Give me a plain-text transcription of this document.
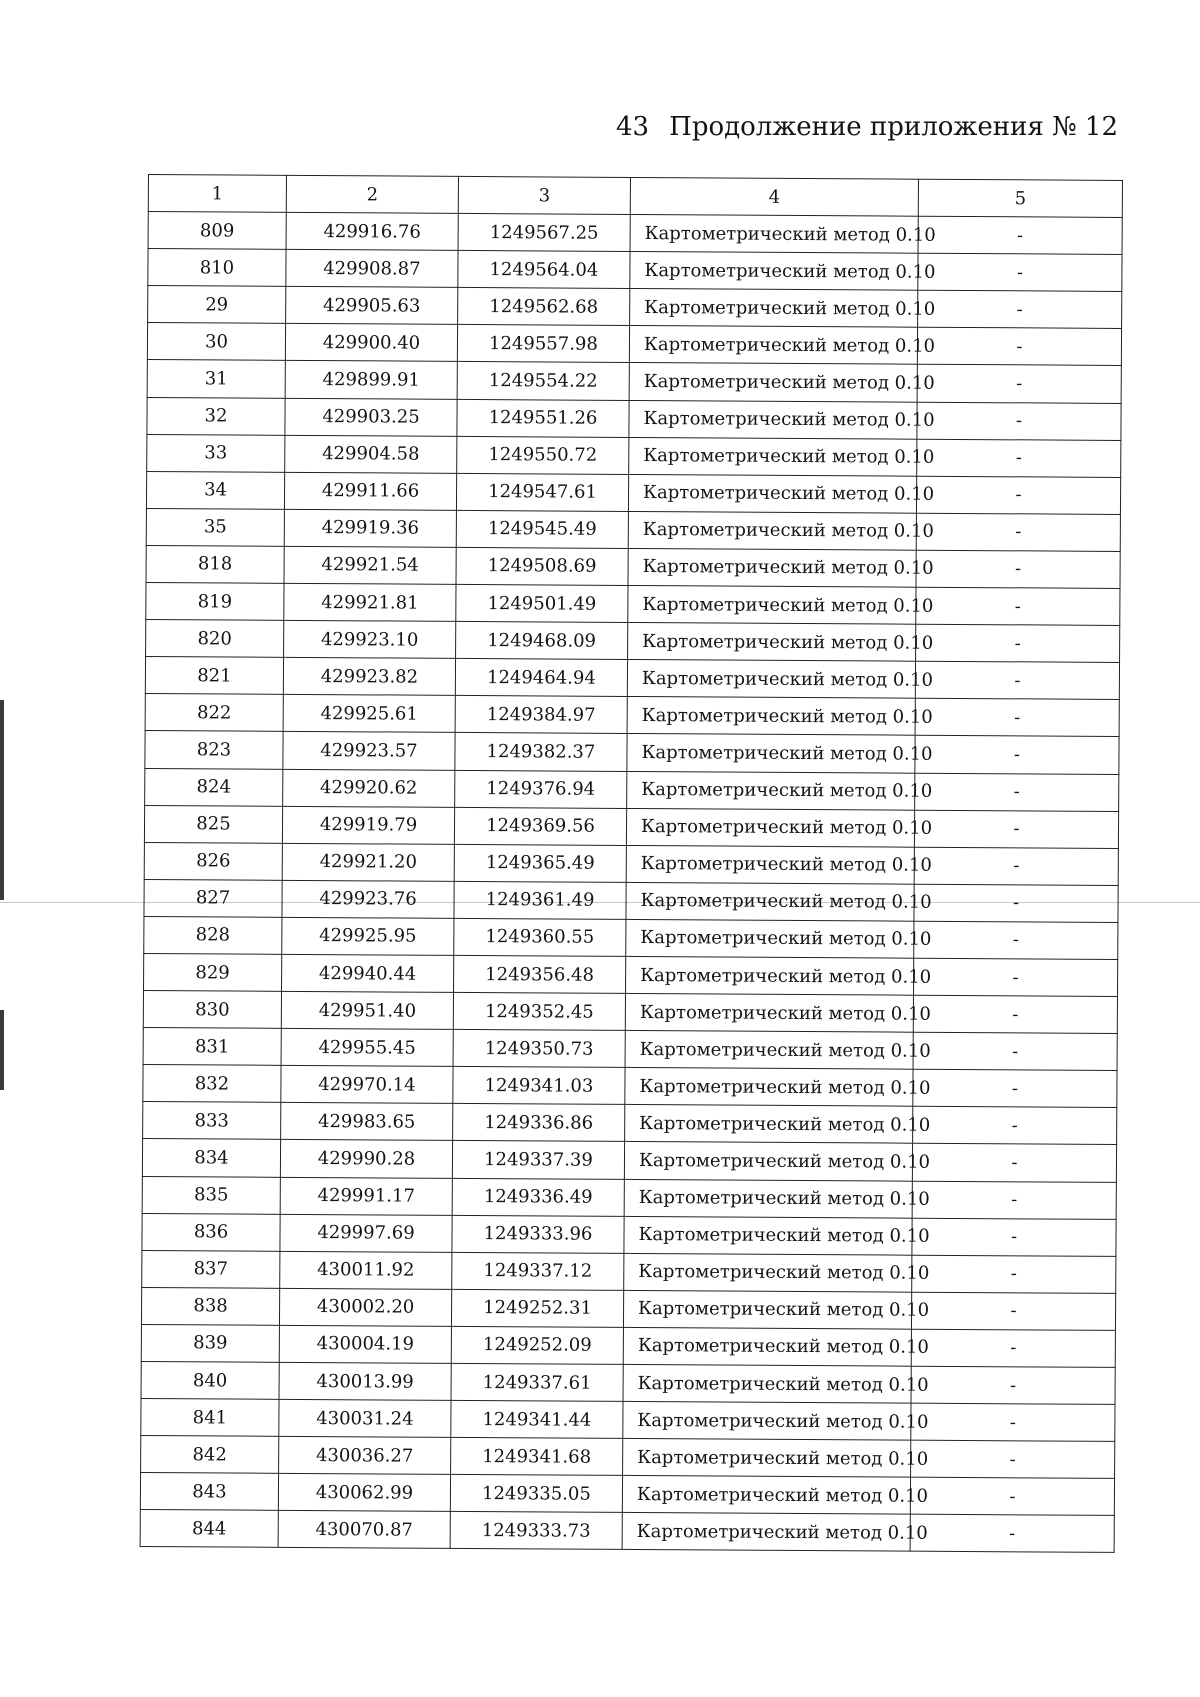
43 Продолжение приложения № 12
1	2	3	4	5
809	429916.76	1249567.25	Картометрический метод 0.10	-
810	429908.87	1249564.04	Картометрический метод 0.10	-
29	429905.63	1249562.68	Картометрический метод 0.10	-
30	429900.40	1249557.98	Картометрический метод 0.10	-
31	429899.91	1249554.22	Картометрический метод 0.10	-
32	429903.25	1249551.26	Картометрический метод 0.10	-
33	429904.58	1249550.72	Картометрический метод 0.10	-
34	429911.66	1249547.61	Картометрический метод 0.10	-
35	429919.36	1249545.49	Картометрический метод 0.10	-
818	429921.54	1249508.69	Картометрический метод 0.10	-
819	429921.81	1249501.49	Картометрический метод 0.10	-
820	429923.10	1249468.09	Картометрический метод 0.10	-
821	429923.82	1249464.94	Картометрический метод 0.10	-
822	429925.61	1249384.97	Картометрический метод 0.10	-
823	429923.57	1249382.37	Картометрический метод 0.10	-
824	429920.62	1249376.94	Картометрический метод 0.10	-
825	429919.79	1249369.56	Картометрический метод 0.10	-
826	429921.20	1249365.49	Картометрический метод 0.10	-
827	429923.76	1249361.49	Картометрический метод 0.10	-
828	429925.95	1249360.55	Картометрический метод 0.10	-
829	429940.44	1249356.48	Картометрический метод 0.10	-
830	429951.40	1249352.45	Картометрический метод 0.10	-
831	429955.45	1249350.73	Картометрический метод 0.10	-
832	429970.14	1249341.03	Картометрический метод 0.10	-
833	429983.65	1249336.86	Картометрический метод 0.10	-
834	429990.28	1249337.39	Картометрический метод 0.10	-
835	429991.17	1249336.49	Картометрический метод 0.10	-
836	429997.69	1249333.96	Картометрический метод 0.10	-
837	430011.92	1249337.12	Картометрический метод 0.10	-
838	430002.20	1249252.31	Картометрический метод 0.10	-
839	430004.19	1249252.09	Картометрический метод 0.10	-
840	430013.99	1249337.61	Картометрический метод 0.10	-
841	430031.24	1249341.44	Картометрический метод 0.10	-
842	430036.27	1249341.68	Картометрический метод 0.10	-
843	430062.99	1249335.05	Картометрический метод 0.10	-
844	430070.87	1249333.73	Картометрический метод 0.10	-
